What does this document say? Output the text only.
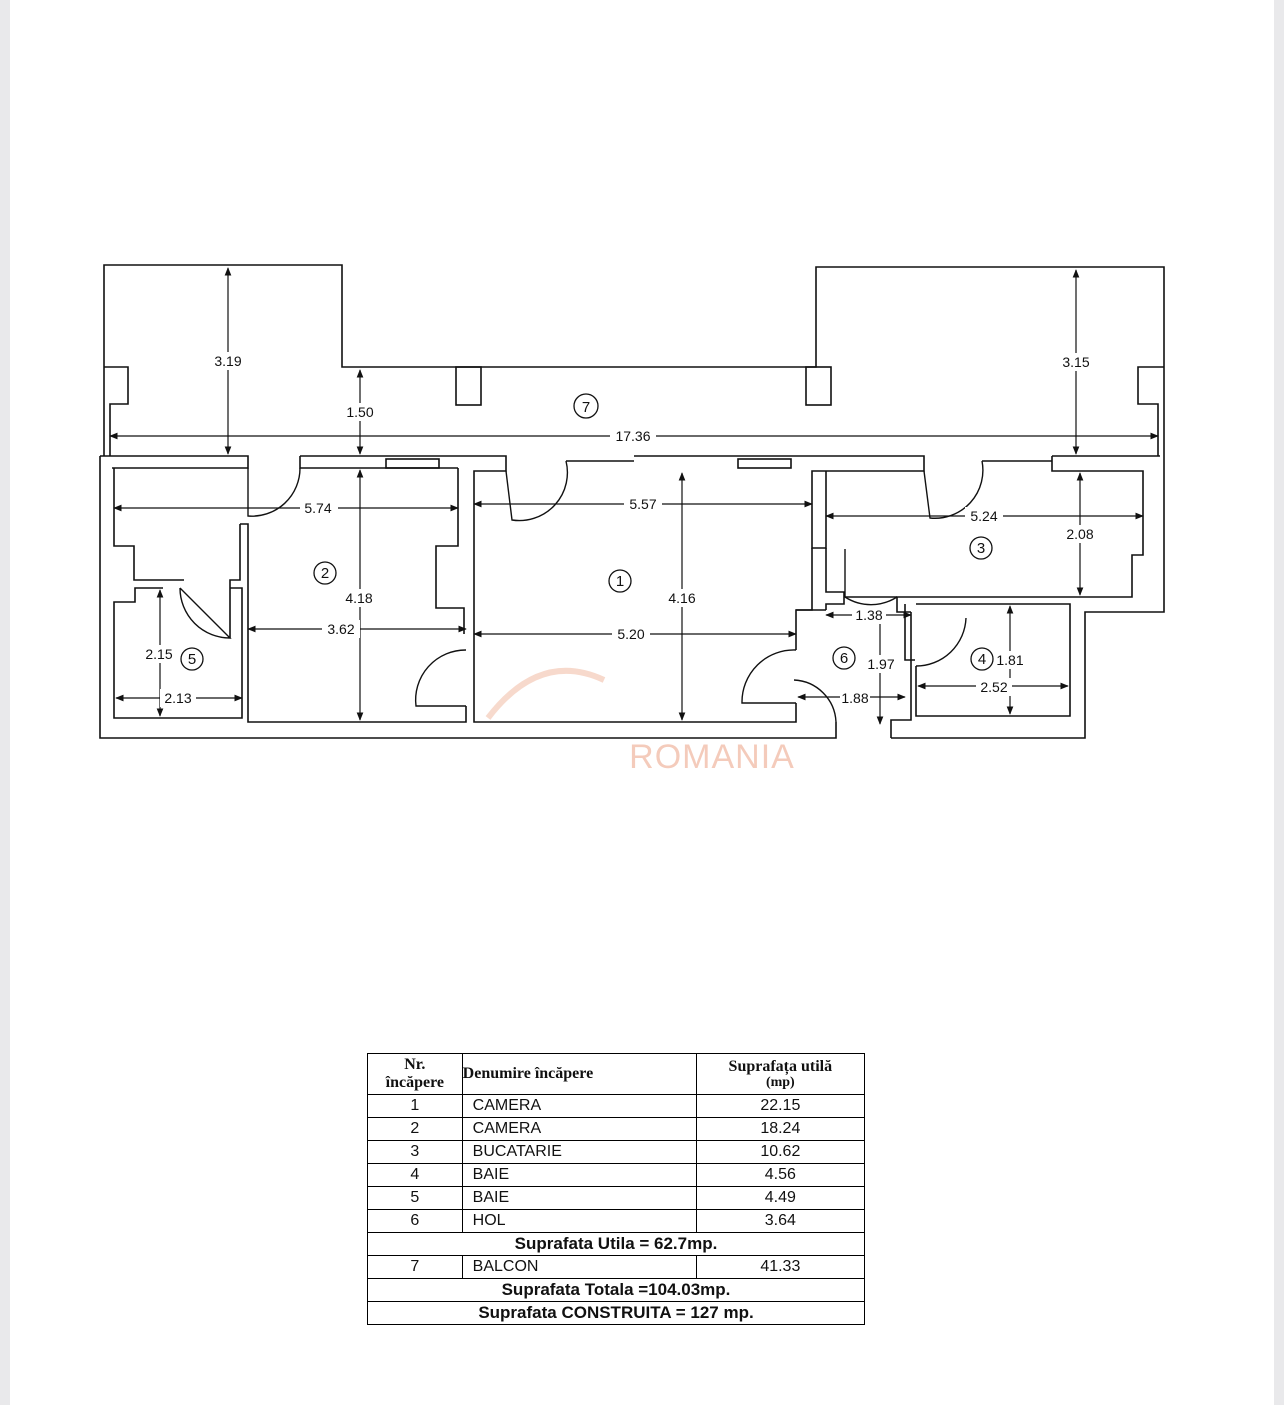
3.19	3.15
1.50
17.36
5.74	5.57
5.24
2.08
4.18	4.16
3.62	5.20
2.15
2.13
1.38
1.97
1.88
1.81
2.52
1
2
3
4
5	6
7
ROMANIA
Nr.
încăpere	Denumire încăpere	Suprafața utilă
(mp)

1	CAMERA	22.15
2	CAMERA	18.24
3	BUCATARIE	10.62
4	BAIE	4.56
5	BAIE	4.49
6	HOL	3.64
Suprafata Utila = 62.7mp.		
7	BALCON	41.33
Suprafata Totala =104.03mp.		
Suprafata CONSTRUITA = 127 mp.		
